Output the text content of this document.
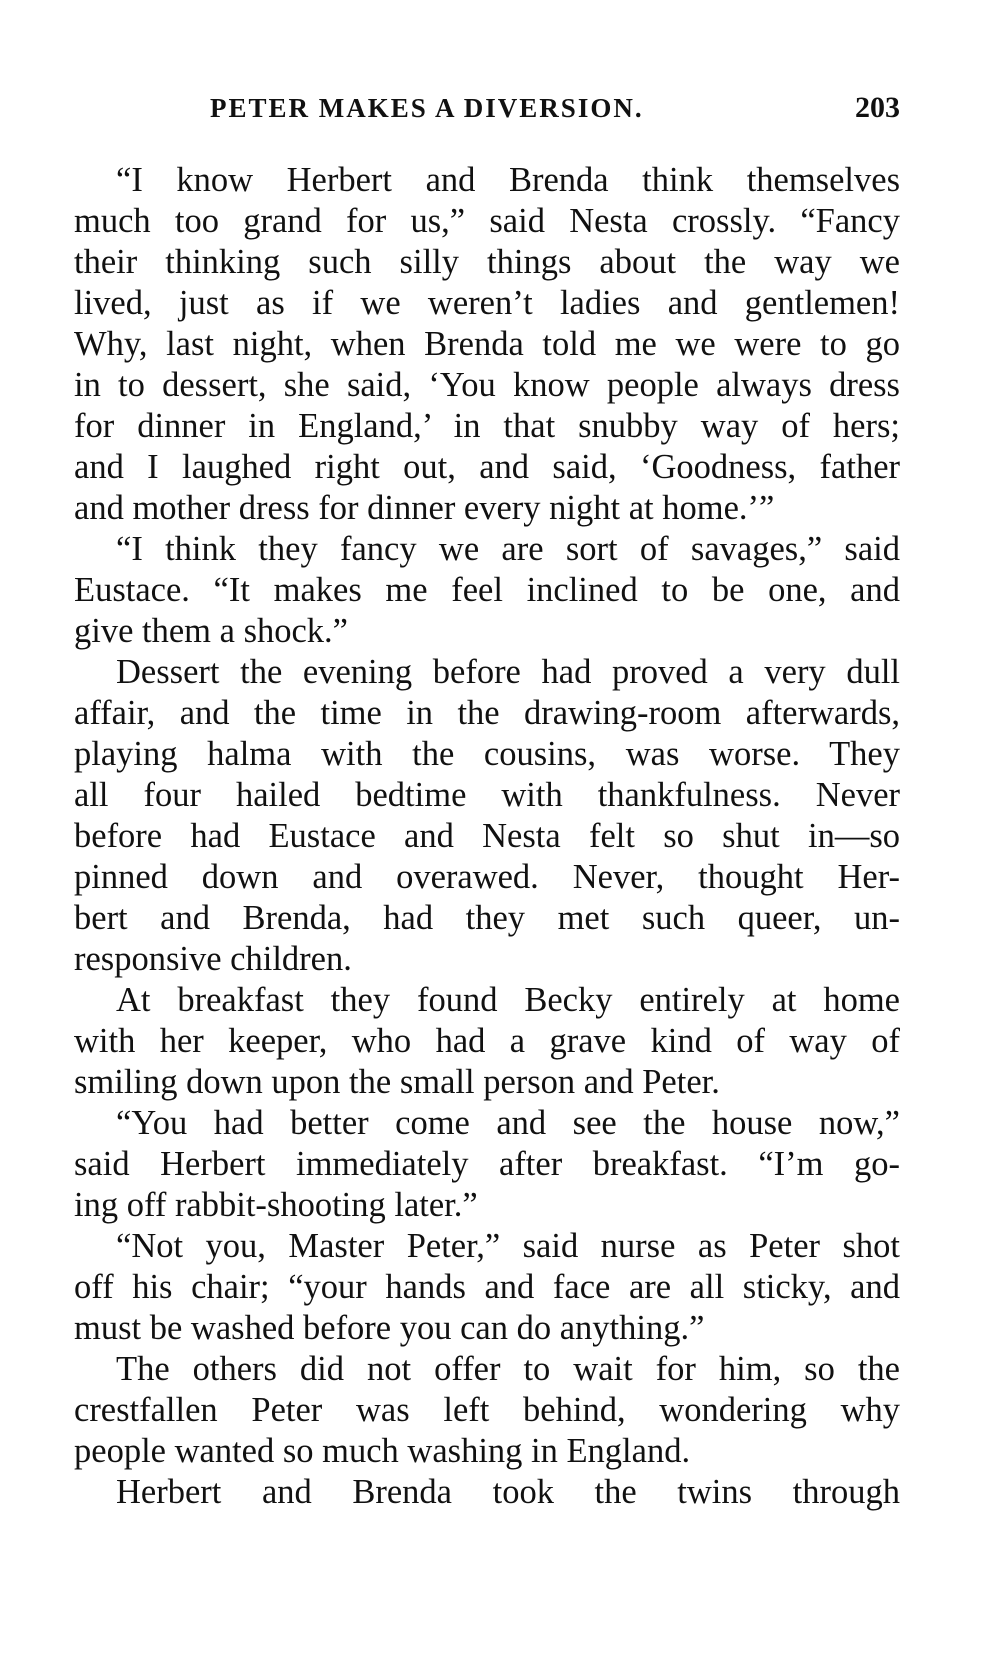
PETER MAKES A DIVERSION.	203
“I know Herbert and Brenda think themselves
much too grand for us,” said Nesta crossly. “Fancy
their thinking such silly things about the way we
lived, just as if we weren’t ladies and gentlemen!
Why, last night, when Brenda told me we were to go
in to dessert, she said, ‘You know people always dress
for dinner in England,’ in that snubby way of hers;
and I laughed right out, and said, ‘Goodness, father
and mother dress for dinner every night at home.’”
“I think they fancy we are sort of savages,” said
Eustace. “It makes me feel inclined to be one, and
give them a shock.”
Dessert the evening before had proved a very dull
affair, and the time in the drawing-room afterwards,
playing halma with the cousins, was worse. They
all four hailed bedtime with thankfulness. Never
before had Eustace and Nesta felt so shut in—so
pinned down and overawed. Never, thought Her-
bert and Brenda, had they met such queer, un-
responsive children.
At breakfast they found Becky entirely at home
with her keeper, who had a grave kind of way of
smiling down upon the small person and Peter.
“You had better come and see the house now,”
said Herbert immediately after breakfast. “I’m go-
ing off rabbit-shooting later.”
“Not you, Master Peter,” said nurse as Peter shot
off his chair; “your hands and face are all sticky, and
must be washed before you can do anything.”
The others did not offer to wait for him, so the
crestfallen Peter was left behind, wondering why
people wanted so much washing in England.
Herbert and Brenda took the twins through
